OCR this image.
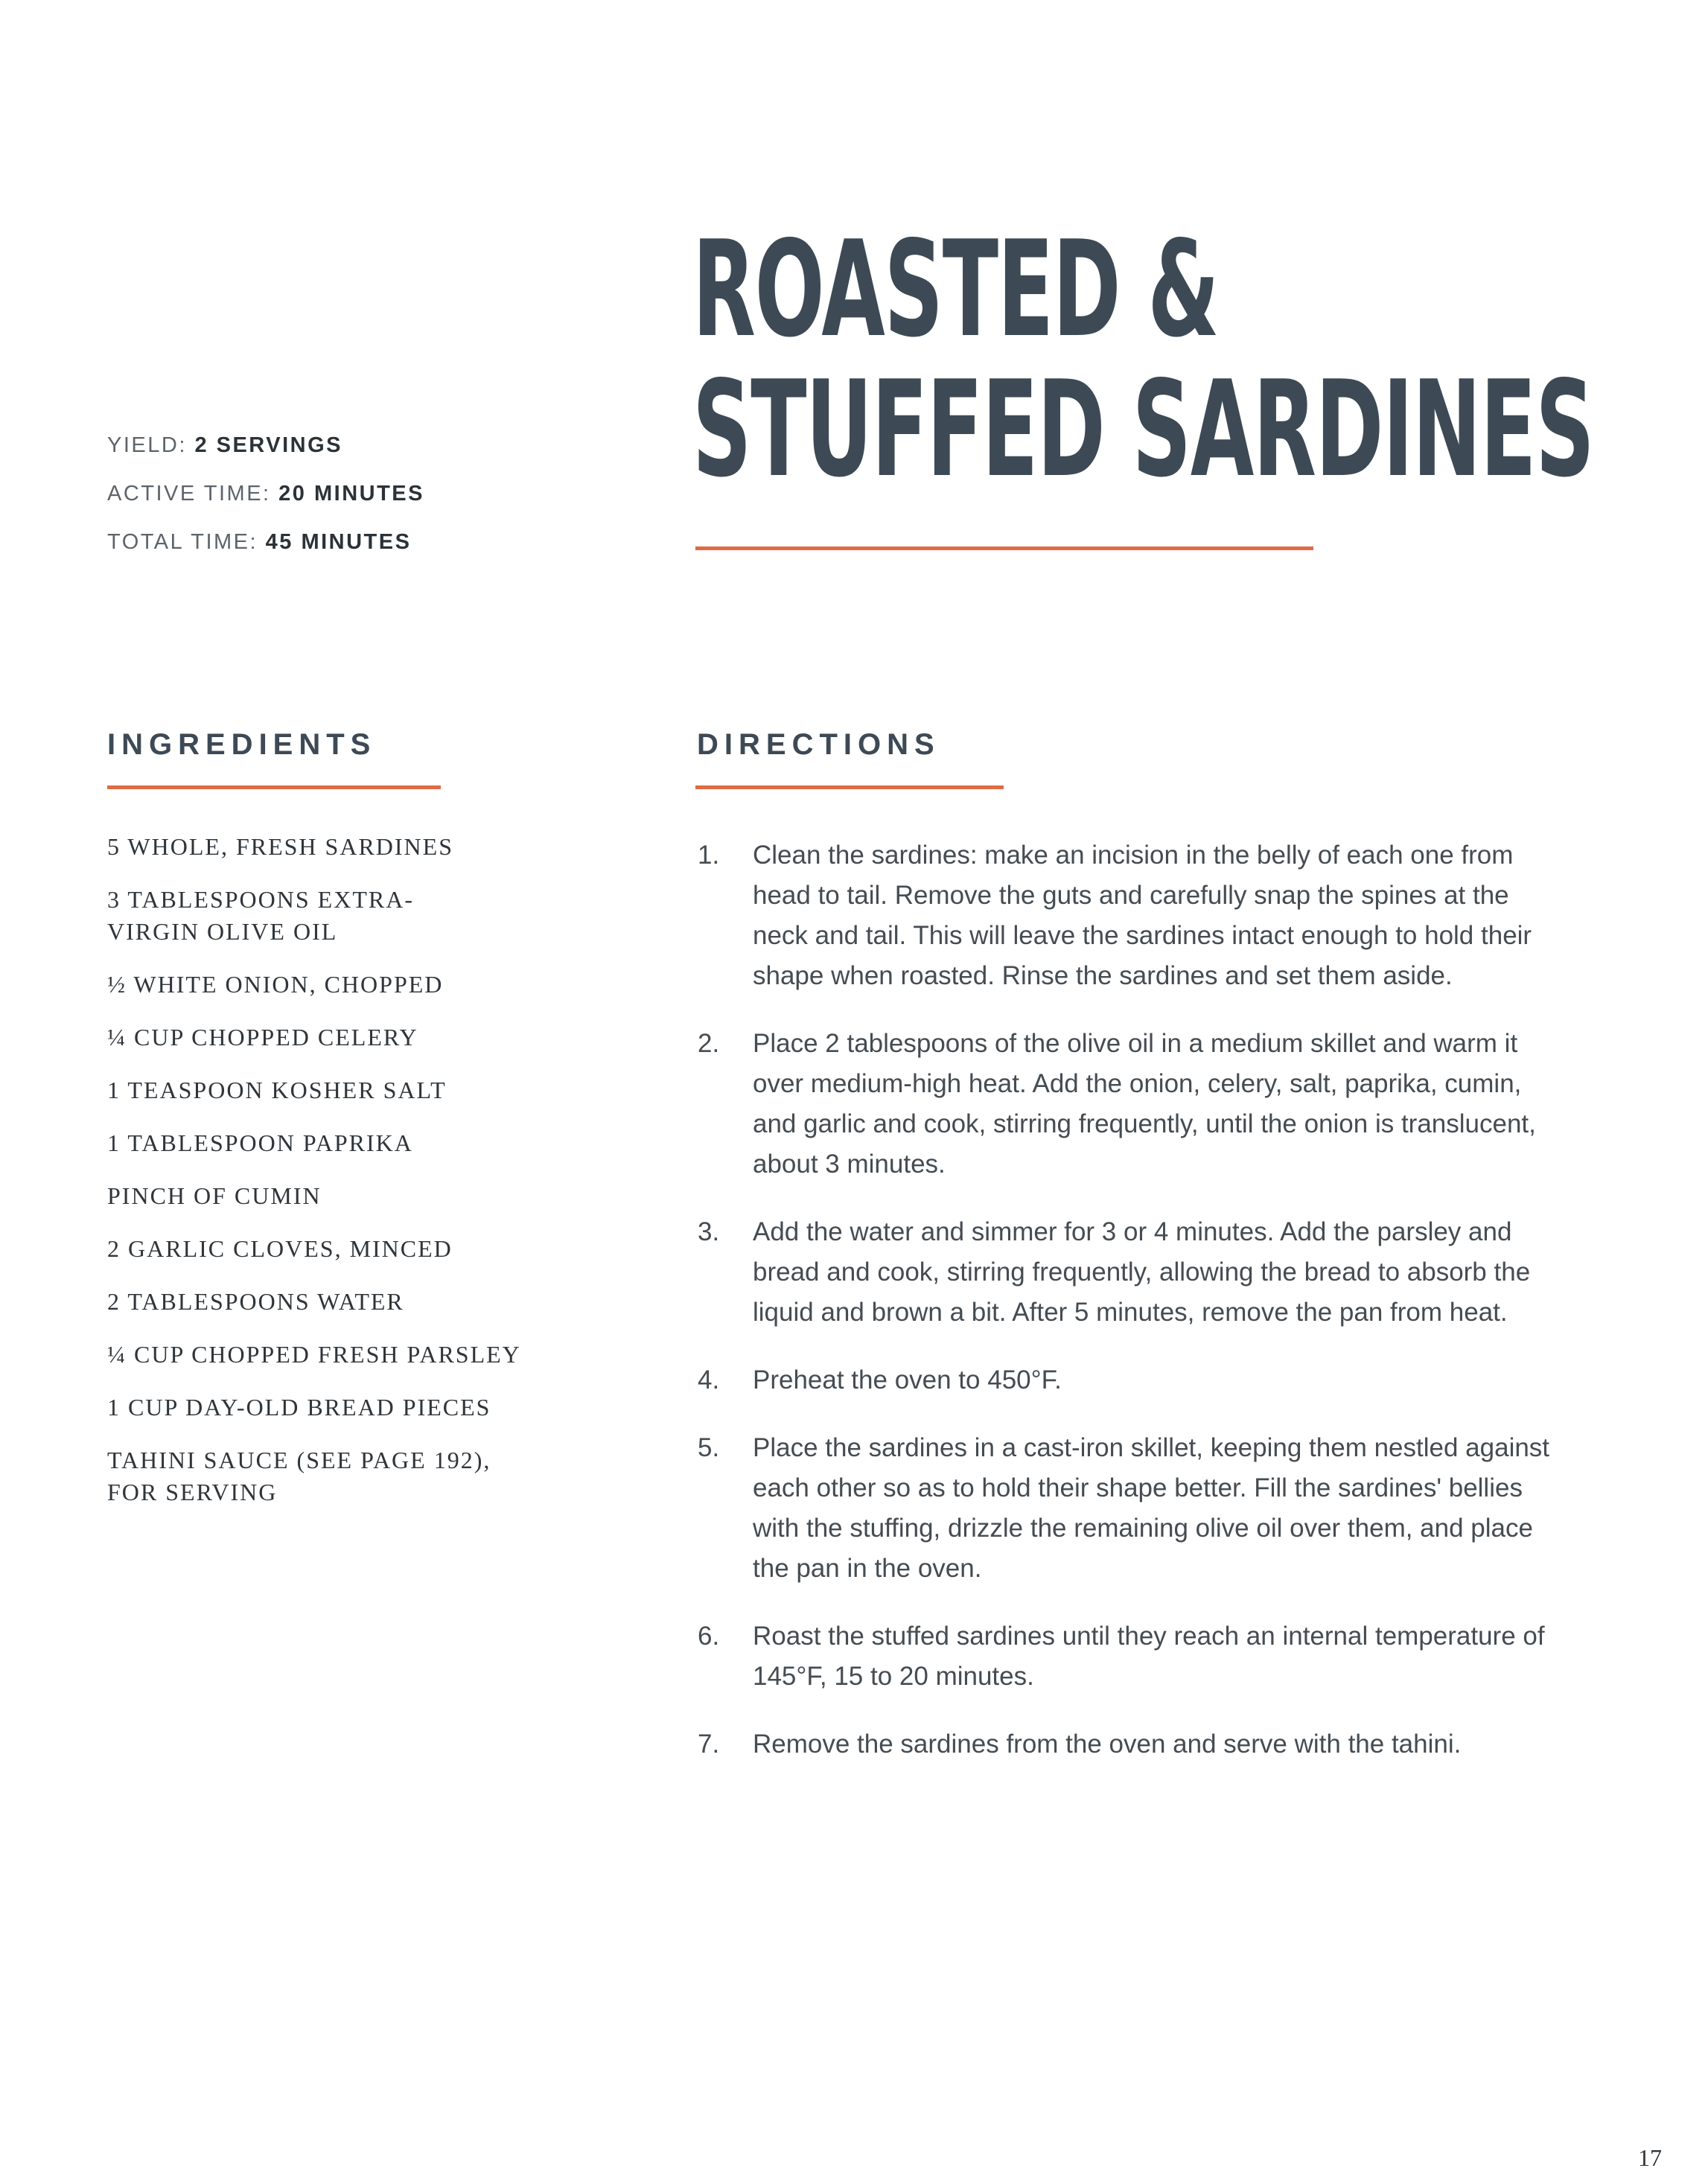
ROASTED &
STUFFED SARDINES
YIELD: 2 SERVINGS
ACTIVE TIME: 20 MINUTES
TOTAL TIME: 45 MINUTES
INGREDIENTS	DIRECTIONS
5 WHOLE, FRESH SARDINES
3 TABLESPOONS EXTRA-VIRGIN OLIVE OIL
½ WHITE ONION, CHOPPED
¼ CUP CHOPPED CELERY
1 TEASPOON KOSHER SALT
1 TABLESPOON PAPRIKA
PINCH OF CUMIN
2 GARLIC CLOVES, MINCED
2 TABLESPOONS WATER
¼ CUP CHOPPED FRESH PARSLEY
1 CUP DAY-OLD BREAD PIECES
TAHINI SAUCE (SEE PAGE 192), FOR SERVING
1. Clean the sardines: make an incision in the belly of each one from head to tail. Remove the guts and carefully snap the spines at the neck and tail. This will leave the sardines intact enough to hold their shape when roasted. Rinse the sardines and set them aside.
2. Place 2 tablespoons of the olive oil in a medium skillet and warm it over medium-high heat. Add the onion, celery, salt, paprika, cumin, and garlic and cook, stirring frequently, until the onion is translucent, about 3 minutes.
3. Add the water and simmer for 3 or 4 minutes. Add the parsley and bread and cook, stirring frequently, allowing the bread to absorb the liquid and brown a bit. After 5 minutes, remove the pan from heat.
4. Preheat the oven to 450°F.
5. Place the sardines in a cast-iron skillet, keeping them nestled against each other so as to hold their shape better. Fill the sardines' bellies with the stuffing, drizzle the remaining olive oil over them, and place the pan in the oven.
6. Roast the stuffed sardines until they reach an internal temperature of 145°F, 15 to 20 minutes.
7. Remove the sardines from the oven and serve with the tahini.
17
